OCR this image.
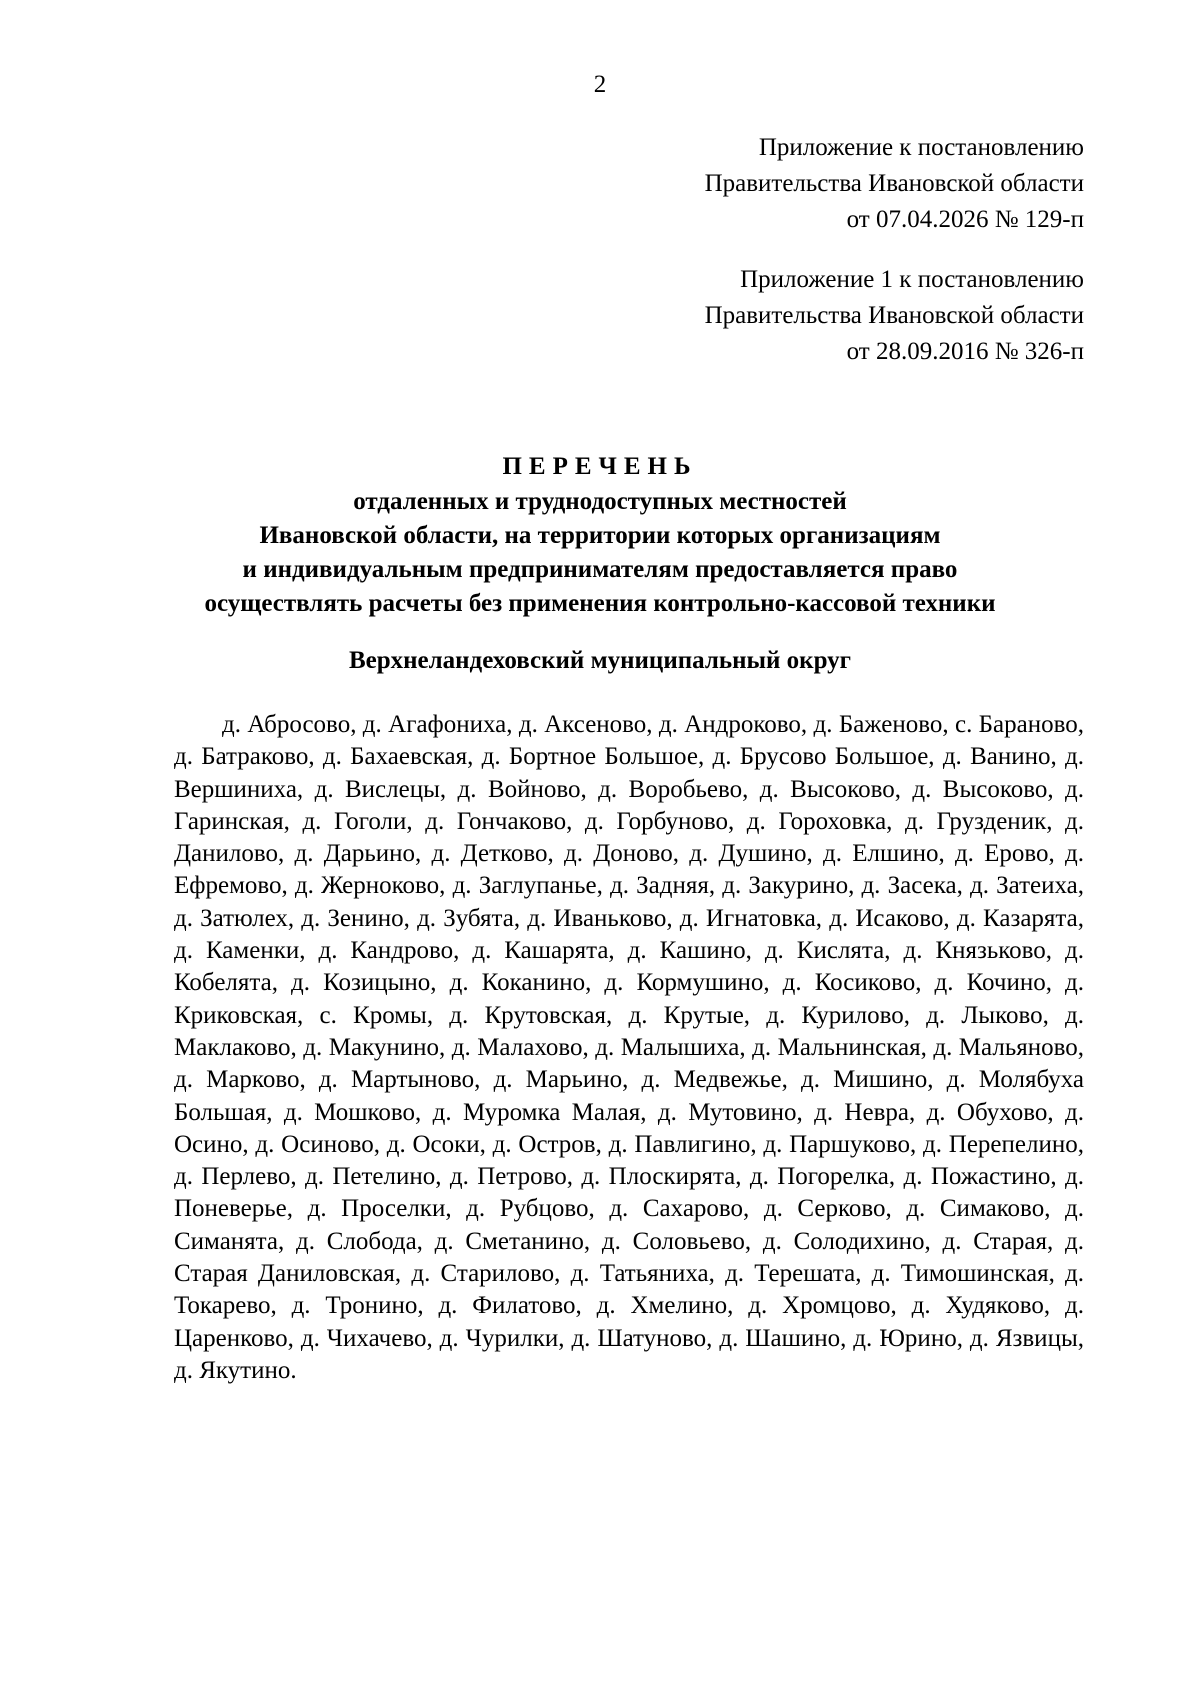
2
Приложение к постановлению
Правительства Ивановской области
от 07.04.2026 № 129-п
Приложение 1 к постановлению
Правительства Ивановской области
от 28.09.2016 № 326-п
ПЕРЕЧЕНЬ
отдаленных и труднодоступных местностей
Ивановской области, на территории которых организациям
и индивидуальным предпринимателям предоставляется право
осуществлять расчеты без применения контрольно-кассовой техники
Верхнеландеховский муниципальный округ

д. Абросово, д. Агафониха, д. Аксеново, д. Андроково, д. Баженово, с. Бараново, д. Батраково, д. Бахаевская, д. Бортное Большое, д. Брусово Большое, д. Ванино, д. Вершиниха, д. Вислецы, д. Войново, д. Воробьево, д. Высоково, д. Высоково, д. Гаринская, д. Гоголи, д. Гончаково, д. Горбуново, д. Гороховка, д. Грузденик, д. Данилово, д. Дарьино, д. Детково, д. Доново, д. Душино, д. Елшино, д. Ерово, д. Ефремово, д. Жерноково, д. Заглупанье, д. Задняя, д. Закурино, д. Засека, д. Затеиха, д. Затюлех, д. Зенино, д. Зубята, д. Иваньково, д. Игнатовка, д. Исаково, д. Казарята, д. Каменки, д. Кандрово, д. Кашарята, д. Кашино, д. Кислята, д. Князьково, д. Кобелята, д. Козицыно, д. Коканино, д. Кормушино, д. Косиково, д. Кочино, д. Криковская, с. Кромы, д. Крутовская, д. Крутые, д. Курилово, д. Лыково, д. Маклаково, д. Макунино, д. Малахово, д. Малышиха, д. Мальнинская, д. Мальяново, д. Марково, д. Мартыново, д. Марьино, д. Медвежье, д. Мишино, д. Молябуха Большая, д. Мошково, д. Муромка Малая, д. Мутовино, д. Невра, д. Обухово, д. Осино, д. Осиново, д. Осоки, д. Остров, д. Павлигино, д. Паршуково, д. Перепелино, д. Перлево, д. Петелино, д. Петрово, д. Плоскирята, д. Погорелка, д. Пожастино, д. Поневерье, д. Проселки, д. Рубцово, д. Сахарово, д. Серково, д. Симаково, д. Симанята, д. Слобода, д. Сметанино, д. Соловьево, д. Солодихино, д. Старая, д. Старая Даниловская, д. Старилово, д. Татьяниха, д. Терешата, д. Тимошинская, д. Токарево, д. Тронино, д. Филатово, д. Хмелино, д. Хромцово, д. Худяково, д. Царенково, д. Чихачево, д. Чурилки, д. Шатуново, д. Шашино, д. Юрино, д. Язвицы, д. Якутино.
